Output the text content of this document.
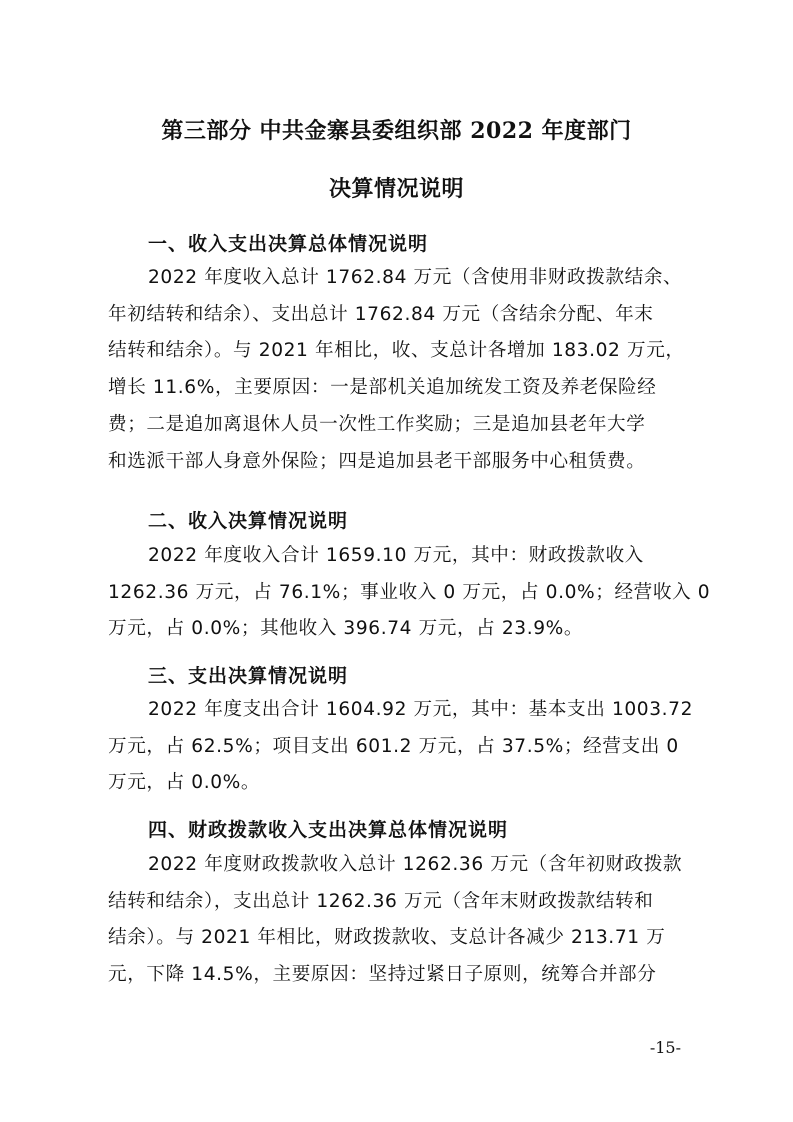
第三部分 中共金寨县委组织部 2022 年度部门
决算情况说明
一、收入支出决算总体情况说明

2022 年度收入总计 1762.84 万元（含使用非财政拨款结余、
年初结转和结余）、支出总计 1762.84 万元（含结余分配、年末
结转和结余）。与 2021 年相比，收、支总计各增加 183.02 万元，
增长 11.6%，主要原因：一是部机关追加统发工资及养老保险经
费；二是追加离退休人员一次性工作奖励；三是追加县老年大学
和选派干部人身意外保险；四是追加县老干部服务中心租赁费。

二、收入决算情况说明

2022 年度收入合计 1659.10 万元，其中：财政拨款收入
1262.36 万元，占 76.1%；事业收入 0 万元，占 0.0%；经营收入 0
万元，占 0.0%；其他收入 396.74 万元，占 23.9%。

三、支出决算情况说明

2022 年度支出合计 1604.92 万元，其中：基本支出 1003.72
万元，占 62.5%；项目支出 601.2 万元，占 37.5%；经营支出 0
万元，占 0.0%。

四、财政拨款收入支出决算总体情况说明

2022 年度财政拨款收入总计 1262.36 万元（含年初财政拨款
结转和结余），支出总计 1262.36 万元（含年末财政拨款结转和
结余）。与 2021 年相比，财政拨款收、支总计各减少 213.71 万
元，下降 14.5%，主要原因：坚持过紧日子原则，统筹合并部分

-15-
